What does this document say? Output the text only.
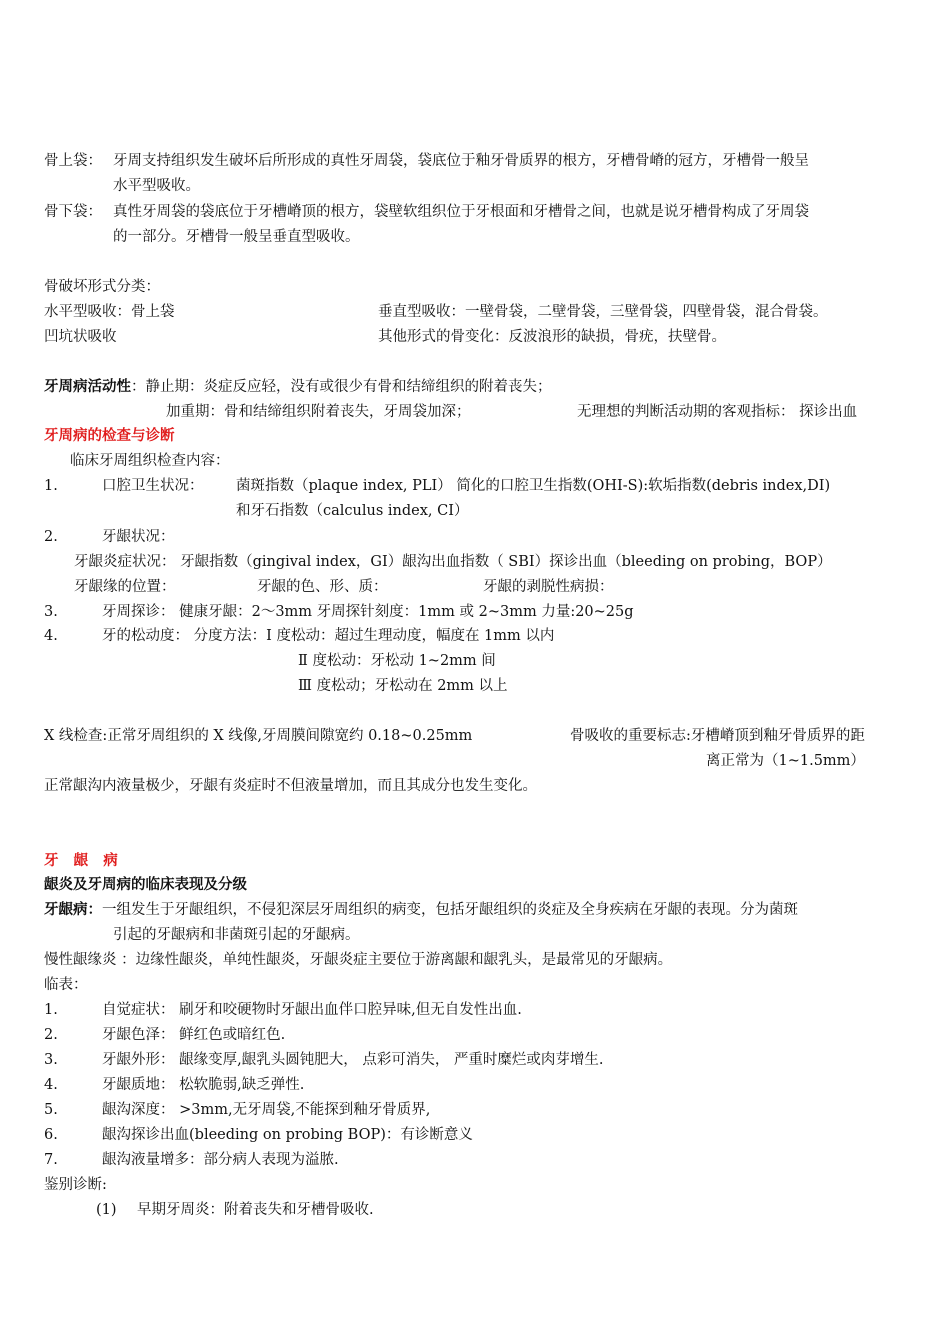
骨上袋： 牙周支持组织发生破坏后所形成的真性牙周袋，袋底位于釉牙骨质界的根方，牙槽骨嵴的冠方，牙槽骨一般呈
水平型吸收。
骨下袋： 真性牙周袋的袋底位于牙槽嵴顶的根方，袋壁软组织位于牙根面和牙槽骨之间，也就是说牙槽骨构成了牙周袋
的一部分。牙槽骨一般呈垂直型吸收。
骨破坏形式分类：
水平型吸收：骨上袋	垂直型吸收：一壁骨袋，二壁骨袋，三壁骨袋，四壁骨袋，混合骨袋。
凹坑状吸收	其他形式的骨变化：反波浪形的缺损，骨疣，扶壁骨。
牙周病活动性：静止期：炎症反应轻，没有或很少有骨和结缔组织的附着丧失；
加重期：骨和结缔组织附着丧失，牙周袋加深；	无理想的判断活动期的客观指标： 探诊出血
牙周病的检查与诊断
临床牙周组织检查内容：
1.	口腔卫生状况： 菌斑指数（plaque index, PLI） 简化的口腔卫生指数(OHI-S):软垢指数(debris index,DI)
和牙石指数（calculus index, CI）
2.	牙龈状况：
牙龈炎症状况： 牙龈指数（gingival index，GI）龈沟出血指数（ SBI）探诊出血（bleeding on probing，BOP）
牙龈缘的位置：	牙龈的色、形、质：	牙龈的剥脱性病损：
3.	牙周探诊： 健康牙龈：2～3mm 牙周探针刻度：1mm 或 2~3mm 力量:20~25g
4.	牙的松动度： 分度方法：Ⅰ 度松动：超过生理动度，幅度在 1mm 以内
Ⅱ 度松动：牙松动 1~2mm 间
Ⅲ 度松动；牙松动在 2mm 以上
X 线检查:正常牙周组织的 X 线像,牙周膜间隙宽约 0.18~0.25mm	骨吸收的重要标志:牙槽嵴顶到釉牙骨质界的距
离正常为（1~1.5mm）
正常龈沟内液量极少，牙龈有炎症时不但液量增加，而且其成分也发生变化。
牙   龈   病
龈炎及牙周病的临床表现及分级
牙龈病：一组发生于牙龈组织，不侵犯深层牙周组织的病变，包括牙龈组织的炎症及全身疾病在牙龈的表现。分为菌斑
引起的牙龈病和非菌斑引起的牙龈病。
慢性龈缘炎 ：边缘性龈炎，单纯性龈炎，牙龈炎症主要位于游离龈和龈乳头，是最常见的牙龈病。
临表：
1.	自觉症状： 刷牙和咬硬物时牙龈出血伴口腔异味,但无自发性出血.
2.	牙龈色泽： 鲜红色或暗红色.
3.	牙龈外形： 龈缘变厚,龈乳头圆钝肥大， 点彩可消失， 严重时糜烂或肉芽增生.
4.	牙龈质地： 松软脆弱,缺乏弹性.
5.	龈沟深度： >3mm,无牙周袋,不能探到釉牙骨质界,
6.	龈沟探诊出血(bleeding on probing BOP)：有诊断意义
7.	龈沟液量增多：部分病人表现为溢脓.
鉴别诊断:
(1) 早期牙周炎：附着丧失和牙槽骨吸收.
